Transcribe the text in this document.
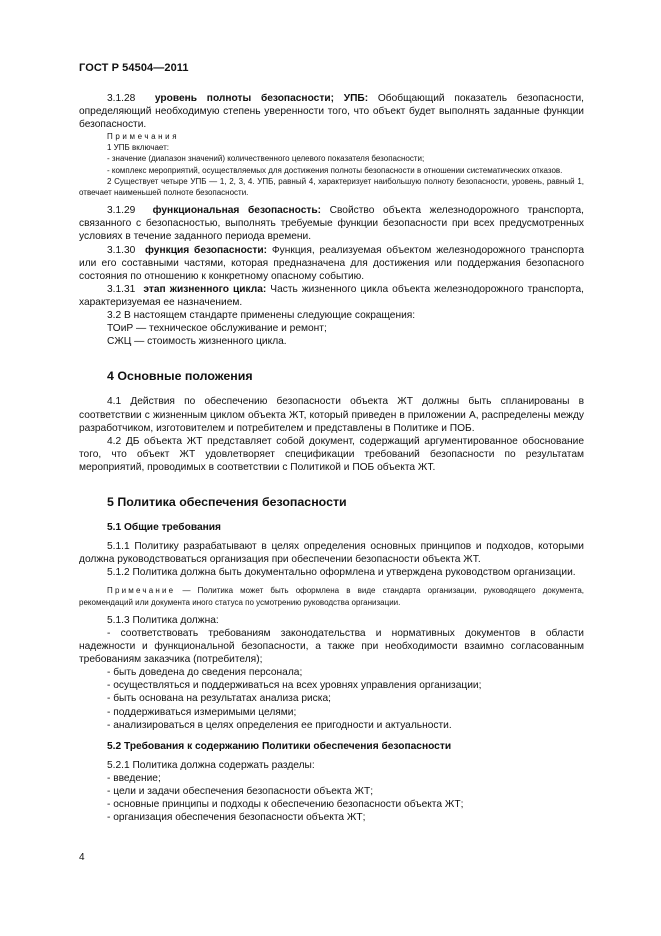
ГОСТ Р 54504—2011

3.1.28 уровень полноты безопасности; УПБ: Обобщающий показатель безопасности, определяющий необходимую степень уверенности того, что объект будет выполнять заданные функции безопасности.

Примечания

1 УПБ включает:

- значение (диапазон значений) количественного целевого показателя безопасности;

- комплекс мероприятий, осуществляемых для достижения полноты безопасности в отношении систематических отказов.

2 Существует четыре УПБ — 1, 2, 3, 4. УПБ, равный 4, характеризует наибольшую полноту безопасности, уровень, равный 1, отвечает наименьшей полноте безопасности.

3.1.29 функциональная безопасность: Свойство объекта железнодорожного транспорта, связанного с безопасностью, выполнять требуемые функции безопасности при всех предусмотренных условиях в течение заданного периода времени.

3.1.30 функция безопасности: Функция, реализуемая объектом железнодорожного транспорта или его составными частями, которая предназначена для достижения или поддержания безопасного состояния по отношению к конкретному опасному событию.

3.1.31 этап жизненного цикла: Часть жизненного цикла объекта железнодорожного транспорта, характеризуемая ее назначением.

3.2 В настоящем стандарте применены следующие сокращения:

ТОиР — техническое обслуживание и ремонт;

СЖЦ — стоимость жизненного цикла.

4 Основные положения

4.1 Действия по обеспечению безопасности объекта ЖТ должны быть спланированы в соответствии с жизненным циклом объекта ЖТ, который приведен в приложении А, распределены между разработчиком, изготовителем и потребителем и представлены в Политике и ПОБ.

4.2 ДБ объекта ЖТ представляет собой документ, содержащий аргументированное обоснование того, что объект ЖТ удовлетворяет спецификации требований безопасности по результатам мероприятий, проводимых в соответствии с Политикой и ПОБ объекта ЖТ.

5 Политика обеспечения безопасности
5.1 Общие требования

5.1.1 Политику разрабатывают в целях определения основных принципов и подходов, которыми должна руководствоваться организация при обеспечении безопасности объекта ЖТ.

5.1.2 Политика должна быть документально оформлена и утверждена руководством организации.

Примечание — Политика может быть оформлена в виде стандарта организации, руководящего документа, рекомендаций или документа иного статуса по усмотрению руководства организации.

5.1.3 Политика должна:

- соответствовать требованиям законодательства и нормативных документов в области надежности и функциональной безопасности, а также при необходимости взаимно согласованным требованиям заказчика (потребителя);

- быть доведена до сведения персонала;

- осуществляться и поддерживаться на всех уровнях управления организации;

- быть основана на результатах анализа риска;

- поддерживаться измеримыми целями;

- анализироваться в целях определения ее пригодности и актуальности.

5.2 Требования к содержанию Политики обеспечения безопасности

5.2.1 Политика должна содержать разделы:

- введение;

- цели и задачи обеспечения безопасности объекта ЖТ;

- основные принципы и подходы к обеспечению безопасности объекта ЖТ;

- организация обеспечения безопасности объекта ЖТ;

4
